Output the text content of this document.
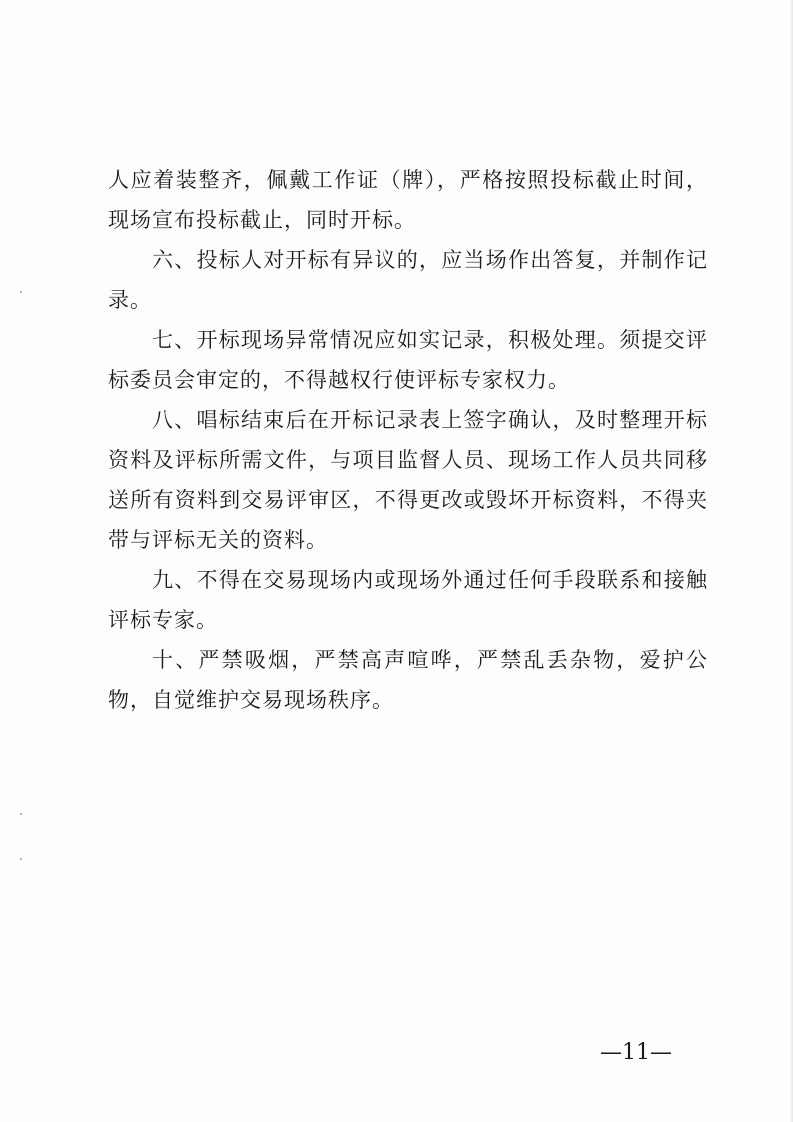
人应着装整齐，佩戴工作证（牌），严格按照投标截止时间，现场宣布投标截止，同时开标。

六、投标人对开标有异议的，应当场作出答复，并制作记录。

七、开标现场异常情况应如实记录，积极处理。须提交评标委员会审定的，不得越权行使评标专家权力。

八、唱标结束后在开标记录表上签字确认，及时整理开标资料及评标所需文件，与项目监督人员、现场工作人员共同移送所有资料到交易评审区，不得更改或毁坏开标资料，不得夹带与评标无关的资料。

九、不得在交易现场内或现场外通过任何手段联系和接触评标专家。

十、严禁吸烟，严禁高声喧哗，严禁乱丢杂物，爱护公物，自觉维护交易现场秩序。

—11—
